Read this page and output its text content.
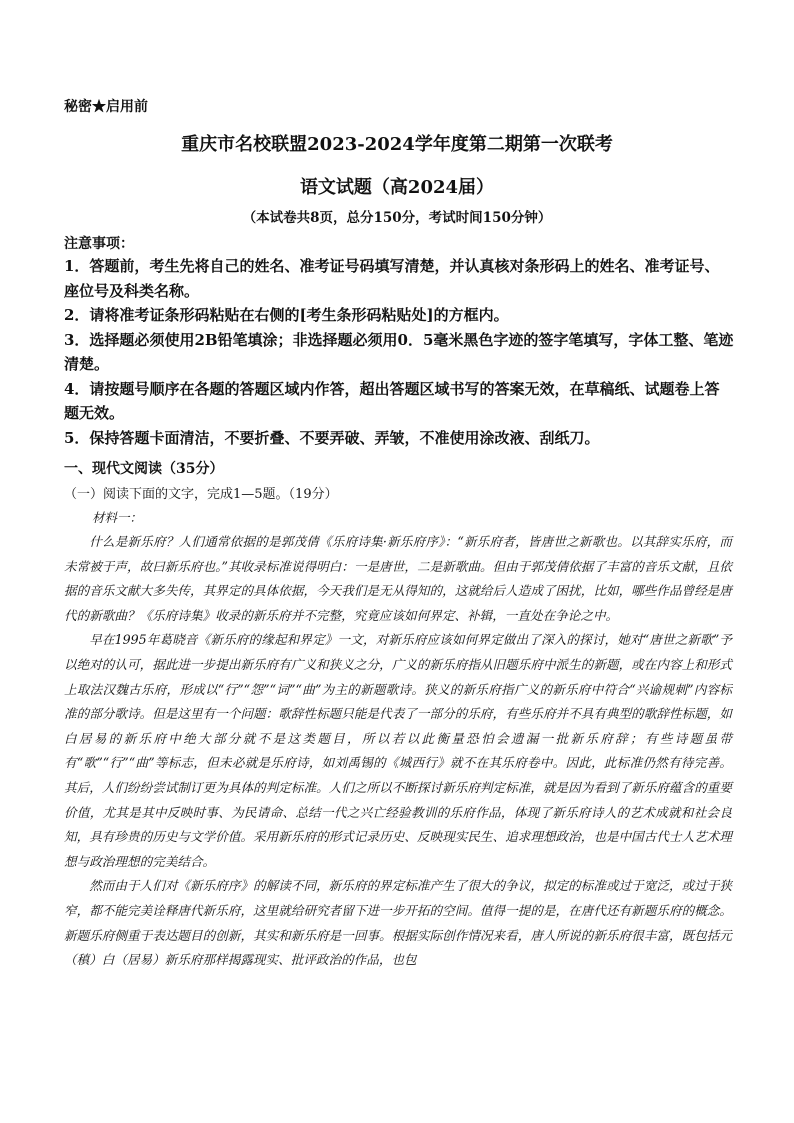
秘密★启用前
重庆市名校联盟2023-2024学年度第二期第一次联考
语文试题（高2024届）
（本试卷共8页，总分150分，考试时间150分钟）
注意事项：

1．答题前，考生先将自己的姓名、准考证号码填写清楚，并认真核对条形码上的姓名、准考证号、座位号及科类名称。

2．请将准考证条形码粘贴在右侧的[考生条形码粘贴处]的方框内。

3．选择题必须使用2B铅笔填涂；非选择题必须用0．5毫米黑色字迹的签字笔填写，字体工整、笔迹清楚。

4．请按题号顺序在各题的答题区域内作答，超出答题区域书写的答案无效，在草稿纸、试题卷上答题无效。

5．保持答题卡面清洁，不要折叠、不要弄破、弄皱，不准使用涂改液、刮纸刀。

一、现代文阅读（35分）
（一）阅读下面的文字，完成1—5题。（19分）
材料一：

什么是新乐府？人们通常依据的是郭茂倩《乐府诗集·新乐府序》：“新乐府者，皆唐世之新歌也。以其辞实乐府，而未常被于声，故曰新乐府也。”其收录标准说得明白：一是唐世，二是新歌曲。但由于郭茂倩依据了丰富的音乐文献，且依据的音乐文献大多失传，其界定的具体依据，今天我们是无从得知的，这就给后人造成了困扰，比如，哪些作品曾经是唐代的新歌曲？《乐府诗集》收录的新乐府并不完整，究竟应该如何界定、补辑，一直处在争论之中。

早在1995年葛晓音《新乐府的缘起和界定》一文，对新乐府应该如何界定做出了深入的探讨，她对“唐世之新歌”予以绝对的认可，据此进一步提出新乐府有广义和狭义之分，广义的新乐府指从旧题乐府中派生的新题，或在内容上和形式上取法汉魏古乐府，形成以“行”“怨”“词”“曲”为主的新题歌诗。狭义的新乐府指广义的新乐府中符合“兴谕规刺”内容标准的部分歌诗。但是这里有一个问题：歌辞性标题只能是代表了一部分的乐府，有些乐府并不具有典型的歌辞性标题，如白居易的新乐府中绝大部分就不是这类题目，所以若以此衡量恐怕会遗漏一批新乐府辞；有些诗题虽带有“歌”“行”“曲”等标志，但未必就是乐府诗，如刘禹锡的《城西行》就不在其乐府卷中。因此，此标准仍然有待完善。其后，人们纷纷尝试制订更为具体的判定标准。人们之所以不断探讨新乐府判定标准，就是因为看到了新乐府蕴含的重要价值，尤其是其中反映时事、为民请命、总结一代之兴亡经验教训的乐府作品，体现了新乐府诗人的艺术成就和社会良知，具有珍贵的历史与文学价值。采用新乐府的形式记录历史、反映现实民生、追求理想政治，也是中国古代士人艺术理想与政治理想的完美结合。

然而由于人们对《新乐府序》的解读不同，新乐府的界定标准产生了很大的争议，拟定的标准或过于宽泛，或过于狭窄，都不能完美诠释唐代新乐府，这里就给研究者留下进一步开拓的空间。值得一提的是，在唐代还有新题乐府的概念。新题乐府侧重于表达题目的创新，其实和新乐府是一回事。根据实际创作情况来看，唐人所说的新乐府很丰富，既包括元（稹）白（居易）新乐府那样揭露现实、批评政治的作品，也包
